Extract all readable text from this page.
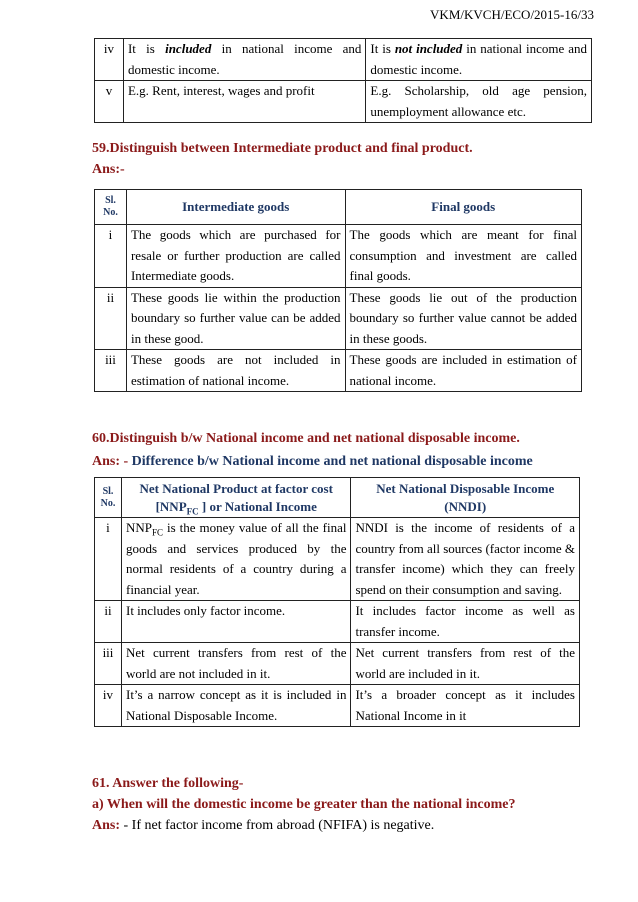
VKM/KVCH/ECO/2015-16/33
iv	It is included in national income and domestic income.	It is not included in national income and domestic income.
v	E.g. Rent, interest, wages and profit	E.g. Scholarship, old age pension, unemployment allowance etc.

59.Distinguish between Intermediate product and final product.

Ans:-

Sl. No.	Intermediate goods	Final goods
i	The goods which are purchased for resale or further production are called Intermediate goods.	The goods which are meant for final consumption and investment are called final goods.
ii	These goods lie within the production boundary so further value can be added in these good.	These goods lie out of the production boundary so further value cannot be added in these goods.
iii	These goods are not included in estimation of national income.	These goods are included in estimation of national income.

60.Distinguish b/w National income and net national disposable income.

Ans: - Difference b/w National income and net national disposable income

Sl. No.	Net National Product at factor cost [$NNP_{FC}$ ] or National Income	Net National Disposable Income (NNDI)
i	$NNP_{FC}$ is the money value of all the final goods and services produced by the normal residents of a country during a financial year.	NNDI is the income of residents of a country from all sources (factor income & transfer income) which they can freely spend on their consumption and saving.
ii	It includes only factor income.	It includes factor income as well as transfer income.
iii	Net current transfers from rest of the world are not included in it.	Net current transfers from rest of the world are included in it.
iv	It’s a narrow concept as it is included in National Disposable Income.	It’s a broader concept as it includes National Income in it

61. Answer the following-

a) When will the domestic income be greater than the national income?

Ans: - If net factor income from abroad (NFIFA) is negative.
